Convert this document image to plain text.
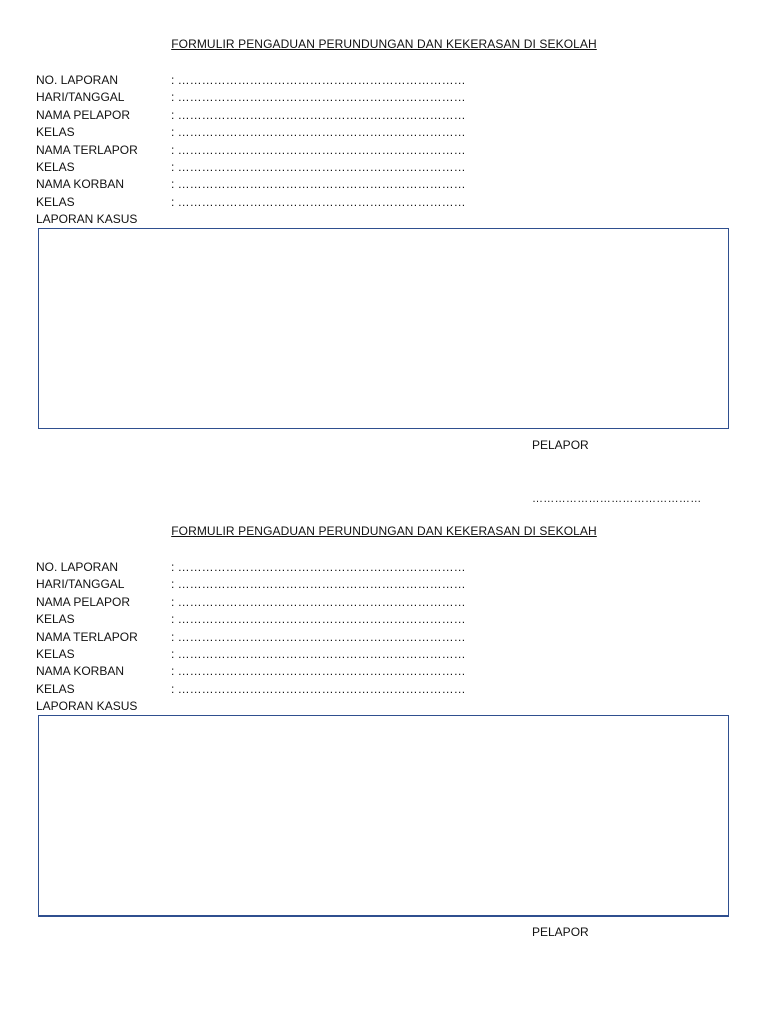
FORMULIR PENGADUAN PERUNDUNGAN DAN KEKERASAN DI SEKOLAH
NO. LAPORAN	: ………………………………………………………………
HARI/TANGGAL	: ………………………………………………………………
NAMA PELAPOR	: ………………………………………………………………
KELAS	: ………………………………………………………………
NAMA TERLAPOR	: ………………………………………………………………
KELAS	: ………………………………………………………………
NAMA KORBAN	: ………………………………………………………………
KELAS	: ………………………………………………………………
LAPORAN KASUS
PELAPOR
………………………………………
FORMULIR PENGADUAN PERUNDUNGAN DAN KEKERASAN DI SEKOLAH
NO. LAPORAN	: ………………………………………………………………
HARI/TANGGAL	: ………………………………………………………………
NAMA PELAPOR	: ………………………………………………………………
KELAS	: ………………………………………………………………
NAMA TERLAPOR	: ………………………………………………………………
KELAS	: ………………………………………………………………
NAMA KORBAN	: ………………………………………………………………
KELAS	: ………………………………………………………………
LAPORAN KASUS
PELAPOR
